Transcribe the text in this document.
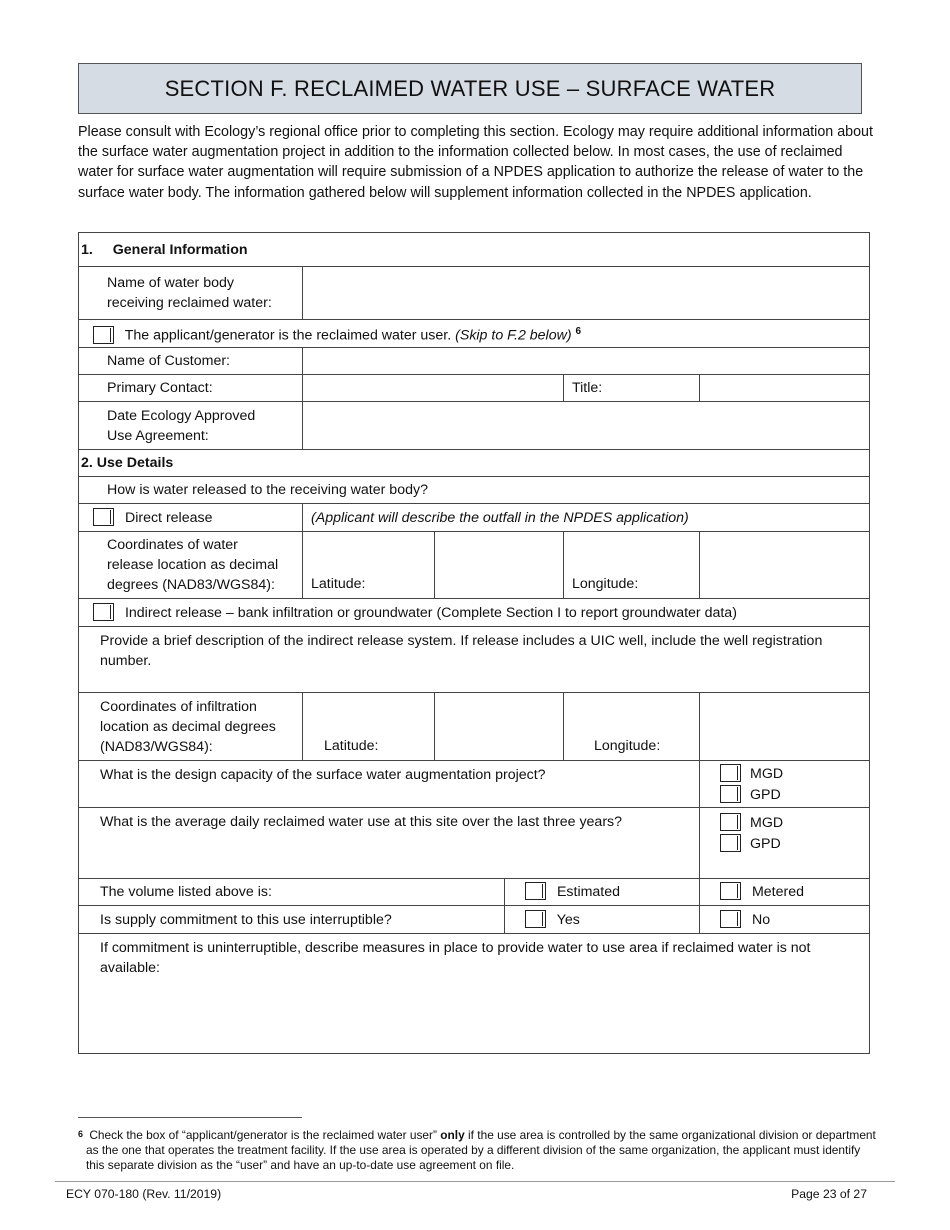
SECTION F. RECLAIMED WATER USE – SURFACE WATER
Please consult with Ecology’s regional office prior to completing this section. Ecology may require additional information about the surface water augmentation project in addition to the information collected below. In most cases, the use of reclaimed water for surface water augmentation will require submission of a NPDES application to authorize the release of water to the surface water body. The information gathered below will supplement information collected in the NPDES application.
1. General Information					

Name of water body
receiving reclaimed water:					

The applicant/generator is the reclaimed water user. (Skip to F.2 below) $^6$
Name of Customer:					
Primary Contact:				Title:	

Date Ecology Approved
Use Agreement:					

2. Use Details					
How is water released to the receiving water body?					
Direct release	(Applicant will describe the outfall in the NPDES application)				

Coordinates of water
release location as decimal
degrees (NAD83/WGS84):	Latitude:			Longitude:	
Indirect release – bank infiltration or groundwater (Complete Section I to report groundwater data)					
Provide a brief description of the indirect release system. If release includes a UIC well, include the well registration number.					

Coordinates of infiltration
location as decimal degrees
(NAD83/WGS84):	Latitude:			Longitude:	
What is the design capacity of the surface water augmentation project?					MGD
GPD

What is the average daily reclaimed water use at this site over the last three years?					MGD
GPD

The volume listed above is:			Estimated		Metered
Is supply commitment to this use interruptible?			Yes		No
If commitment is uninterruptible, describe measures in place to provide water to use area if reclaimed water is not available:					
$^6$ Check the box of “applicant/generator is the reclaimed water user” only if the use area is controlled by the same organizational division or department as the one that operates the treatment facility. If the use area is operated by a different division of the same organization, the applicant must identify this separate division as the “user” and have an up-to-date use agreement on file.
ECY 070-180 (Rev. 11/2019)	Page 23 of 27
